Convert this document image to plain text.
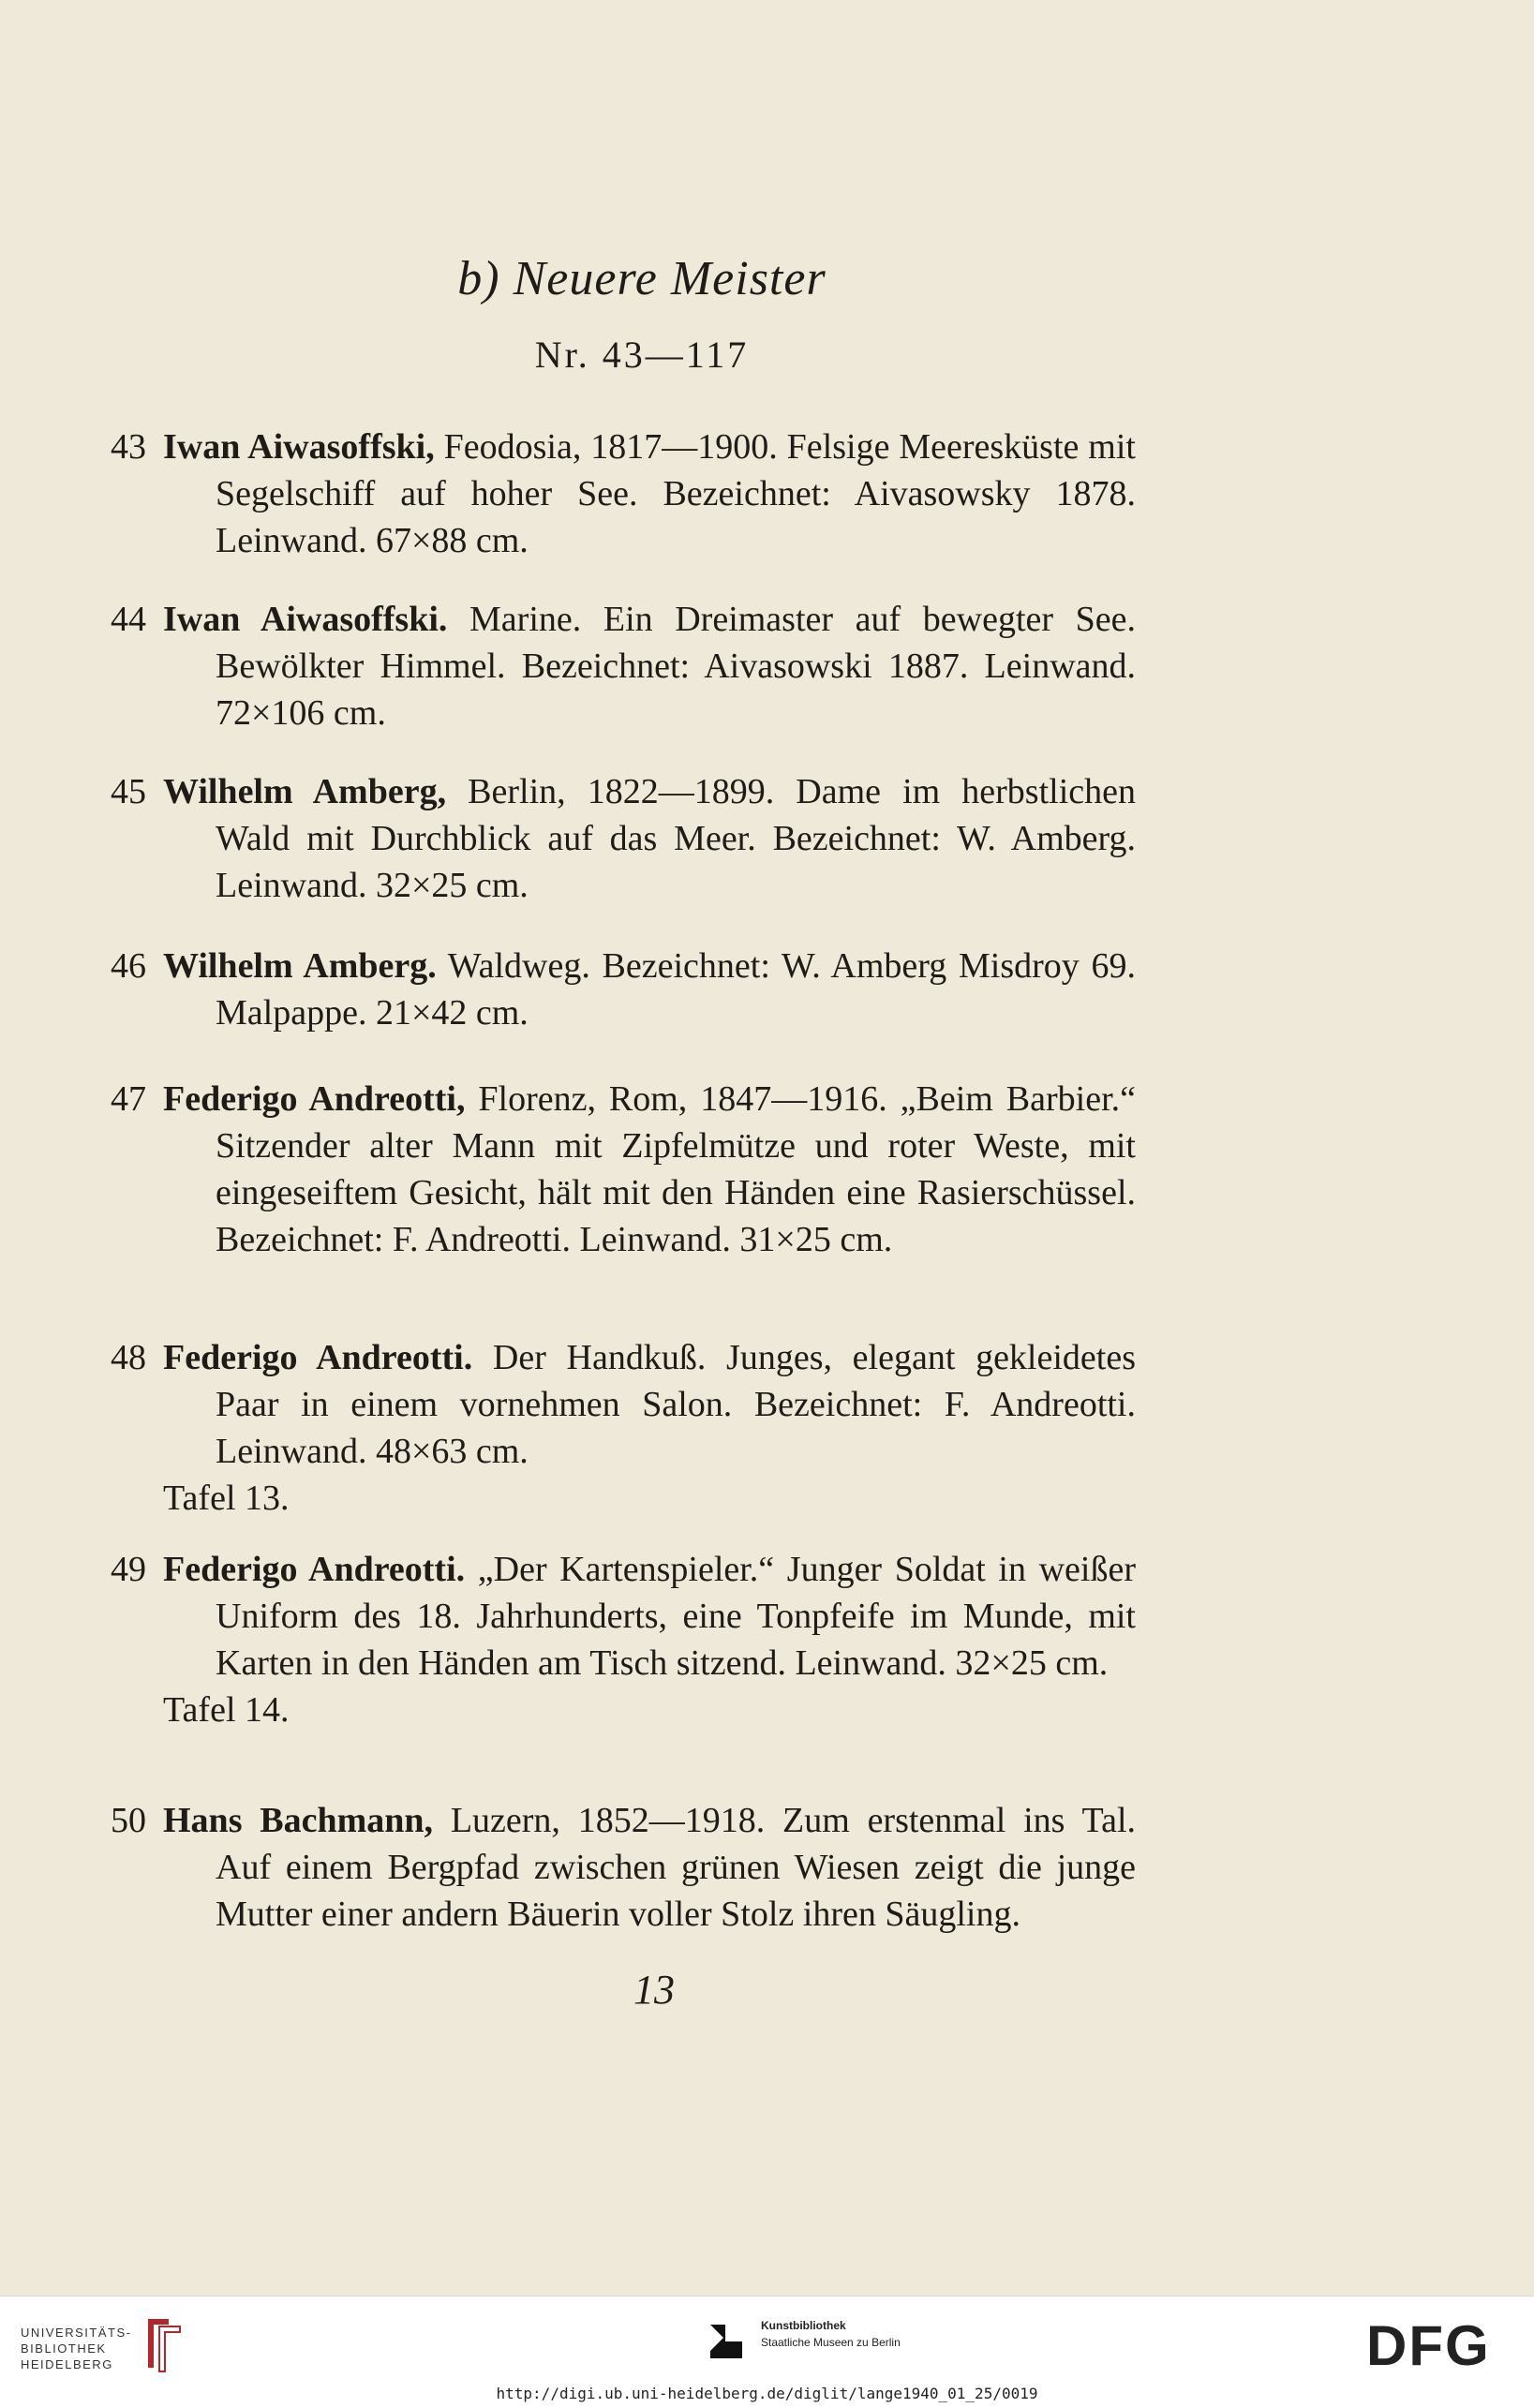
b) Neuere Meister
Nr. 43—117
43 Iwan Aiwasoffski, Feodosia, 1817—1900. Felsige Meeresküste mit Segelschiff auf hoher See. Bezeichnet: Aivasowsky 1878. Leinwand. 67×88 cm.
44 Iwan Aiwasoffski. Marine. Ein Dreimaster auf bewegter See. Bewölkter Himmel. Bezeichnet: Aivasowski 1887. Leinwand. 72×106 cm.
45 Wilhelm Amberg, Berlin, 1822—1899. Dame im herbstlichen Wald mit Durchblick auf das Meer. Bezeichnet: W. Amberg. Leinwand. 32×25 cm.
46 Wilhelm Amberg. Waldweg. Bezeichnet: W. Amberg Misdroy 69. Malpappe. 21×42 cm.
47 Federigo Andreotti, Florenz, Rom, 1847—1916. „Beim Barbier.“ Sitzender alter Mann mit Zipfelmütze und roter Weste, mit eingeseiftem Gesicht, hält mit den Händen eine Rasierschüssel. Bezeichnet: F. Andreotti. Leinwand. 31×25 cm.
48 Federigo Andreotti. Der Handkuß. Junges, elegant gekleidetes Paar in einem vornehmen Salon. Bezeichnet: F. Andreotti. Leinwand. 48×63 cm.
Tafel 13.
49 Federigo Andreotti. „Der Kartenspieler.“ Junger Soldat in weißer Uniform des 18. Jahrhunderts, eine Tonpfeife im Munde, mit Karten in den Händen am Tisch sitzend. Leinwand. 32×25 cm.
Tafel 14.
50 Hans Bachmann, Luzern, 1852—1918. Zum erstenmal ins Tal. Auf einem Bergpfad zwischen grünen Wiesen zeigt die junge Mutter einer andern Bäuerin voller Stolz ihren Säugling.
13
UNIVERSITÄTS-
BIBLIOTHEK
HEIDELBERG
Kunstbibliothek
Staatliche Museen zu Berlin	DFG
http://digi.ub.uni-heidelberg.de/diglit/lange1940_01_25/0019
